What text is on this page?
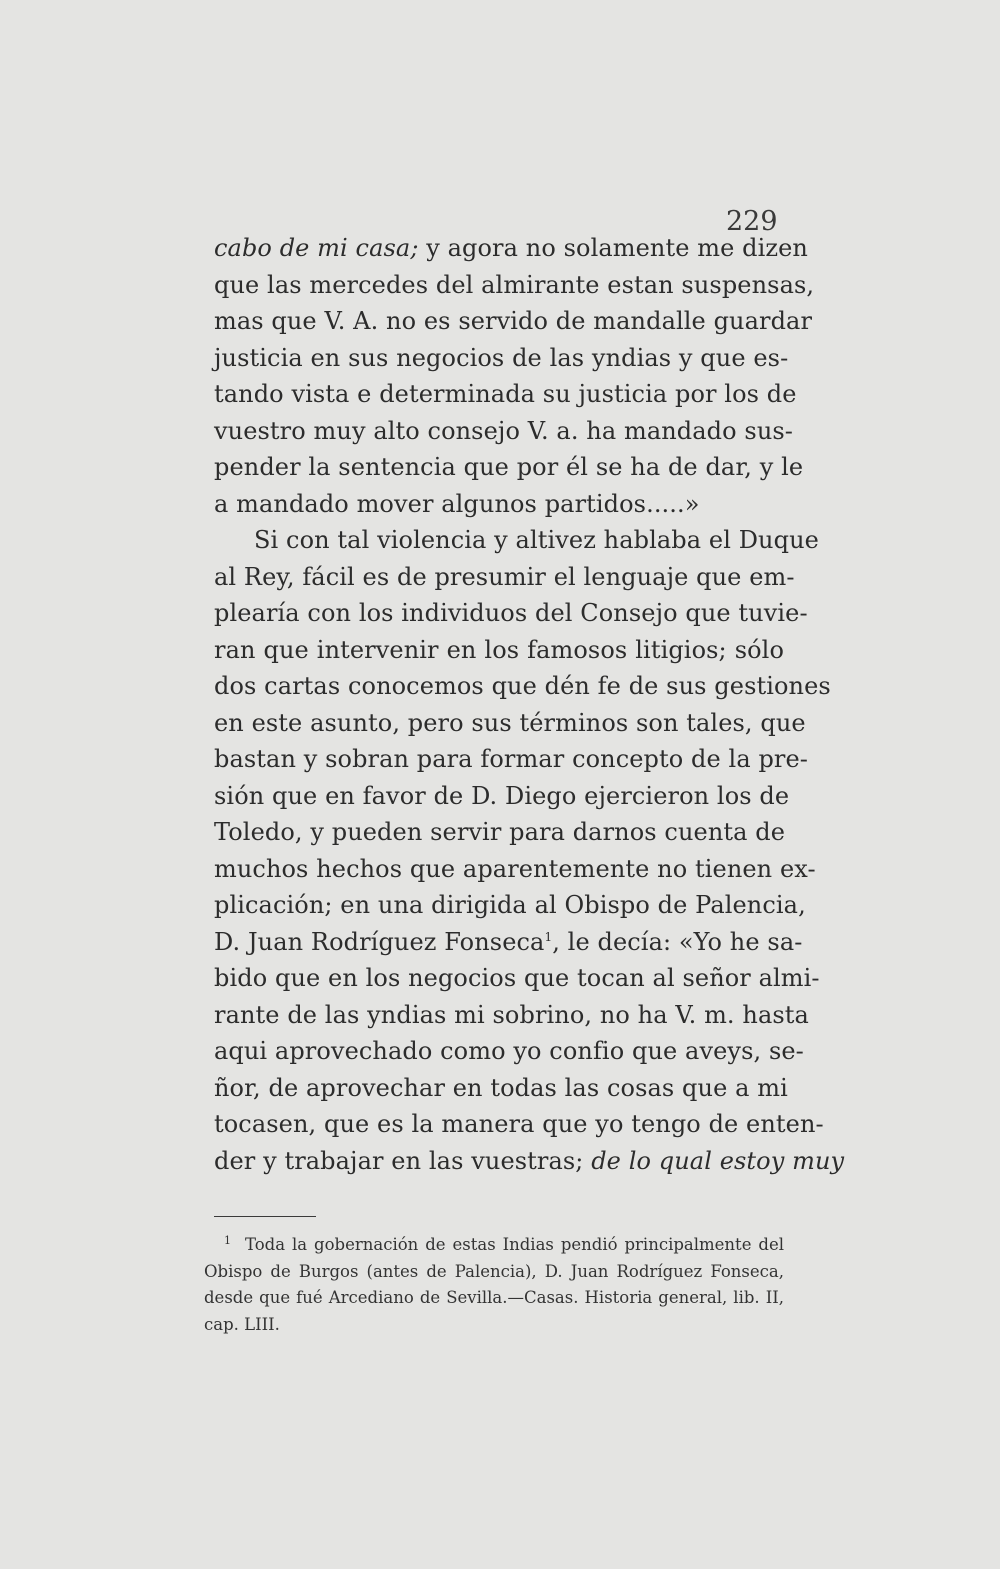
229
cabo de mi casa; y agora no solamente me dizen
que las mercedes del almirante estan suspensas,
mas que V. A. no es servido de mandalle guardar
justicia en sus negocios de las yndias y que es-
tando vista e determinada su justicia por los de
vuestro muy alto consejo V. a. ha mandado sus-
pender la sentencia que por él se ha de dar, y le
a mandado mover algunos partidos.....»
Si con tal violencia y altivez hablaba el Duque
al Rey, fácil es de presumir el lenguaje que em-
plearía con los individuos del Consejo que tuvie-
ran que intervenir en los famosos litigios; sólo
dos cartas conocemos que dén fe de sus gestiones
en este asunto, pero sus términos son tales, que
bastan y sobran para formar concepto de la pre-
sión que en favor de D. Diego ejercieron los de
Toledo, y pueden servir para darnos cuenta de
muchos hechos que aparentemente no tienen ex-
plicación; en una dirigida al Obispo de Palencia,
D. Juan Rodríguez Fonseca$^1$, le decía: «Yo he sa-
bido que en los negocios que tocan al señor almi-
rante de las yndias mi sobrino, no ha V. m. hasta
aqui aprovechado como yo confio que aveys, se-
ñor, de aprovechar en todas las cosas que a mi
tocasen, que es la manera que yo tengo de enten-
der y trabajar en las vuestras; de lo qual estoy muy
$^1$ Toda la gobernación de estas Indias pendió principalmente del
Obispo de Burgos (antes de Palencia), D. Juan Rodríguez Fonseca,
desde que fué Arcediano de Sevilla.—Casas. Historia general, lib. II,
cap. LIII.
